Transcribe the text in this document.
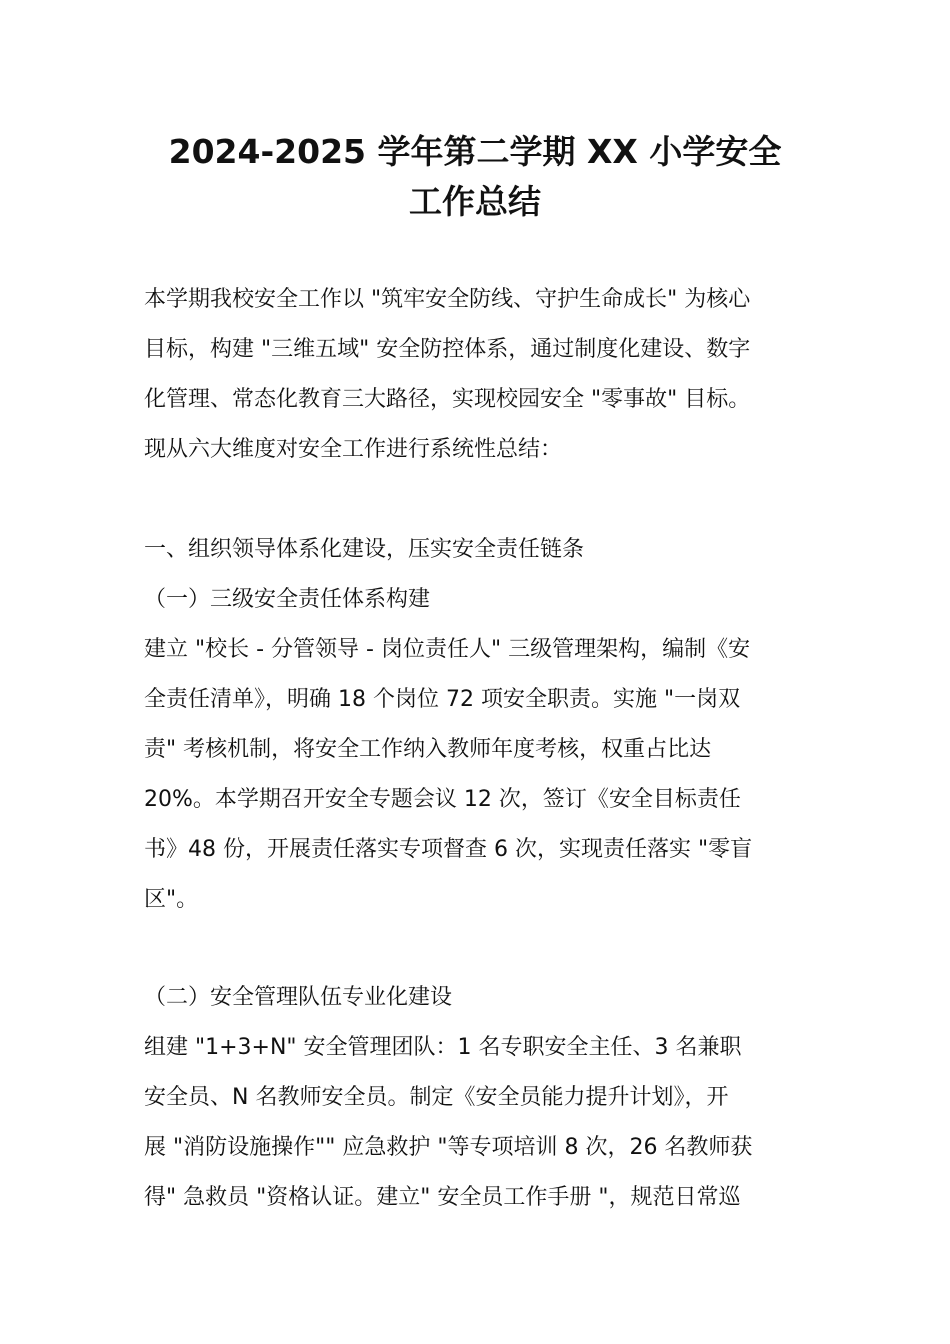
2024-2025 学年第二学期 XX 小学安全
工作总结

本学期我校安全工作以 "筑牢安全防线、守护生命成长" 为核心

目标，构建 "三维五域" 安全防控体系，通过制度化建设、数字

化管理、常态化教育三大路径，实现校园安全 "零事故" 目标。

现从六大维度对安全工作进行系统性总结：

一、组织领导体系化建设，压实安全责任链条

（一）三级安全责任体系构建

建立 "校长 - 分管领导 - 岗位责任人" 三级管理架构，编制《安

全责任清单》，明确 18 个岗位 72 项安全职责。实施 "一岗双

责" 考核机制，将安全工作纳入教师年度考核，权重占比达

20%。本学期召开安全专题会议 12 次，签订《安全目标责任

书》48 份，开展责任落实专项督查 6 次，实现责任落实 "零盲

区"。

（二）安全管理队伍专业化建设

组建 "1+3+N" 安全管理团队：1 名专职安全主任、3 名兼职

安全员、N 名教师安全员。制定《安全员能力提升计划》，开

展 "消防设施操作"" 应急救护 "等专项培训 8 次，26 名教师获

得" 急救员 "资格认证。建立" 安全员工作手册 "，规范日常巡
